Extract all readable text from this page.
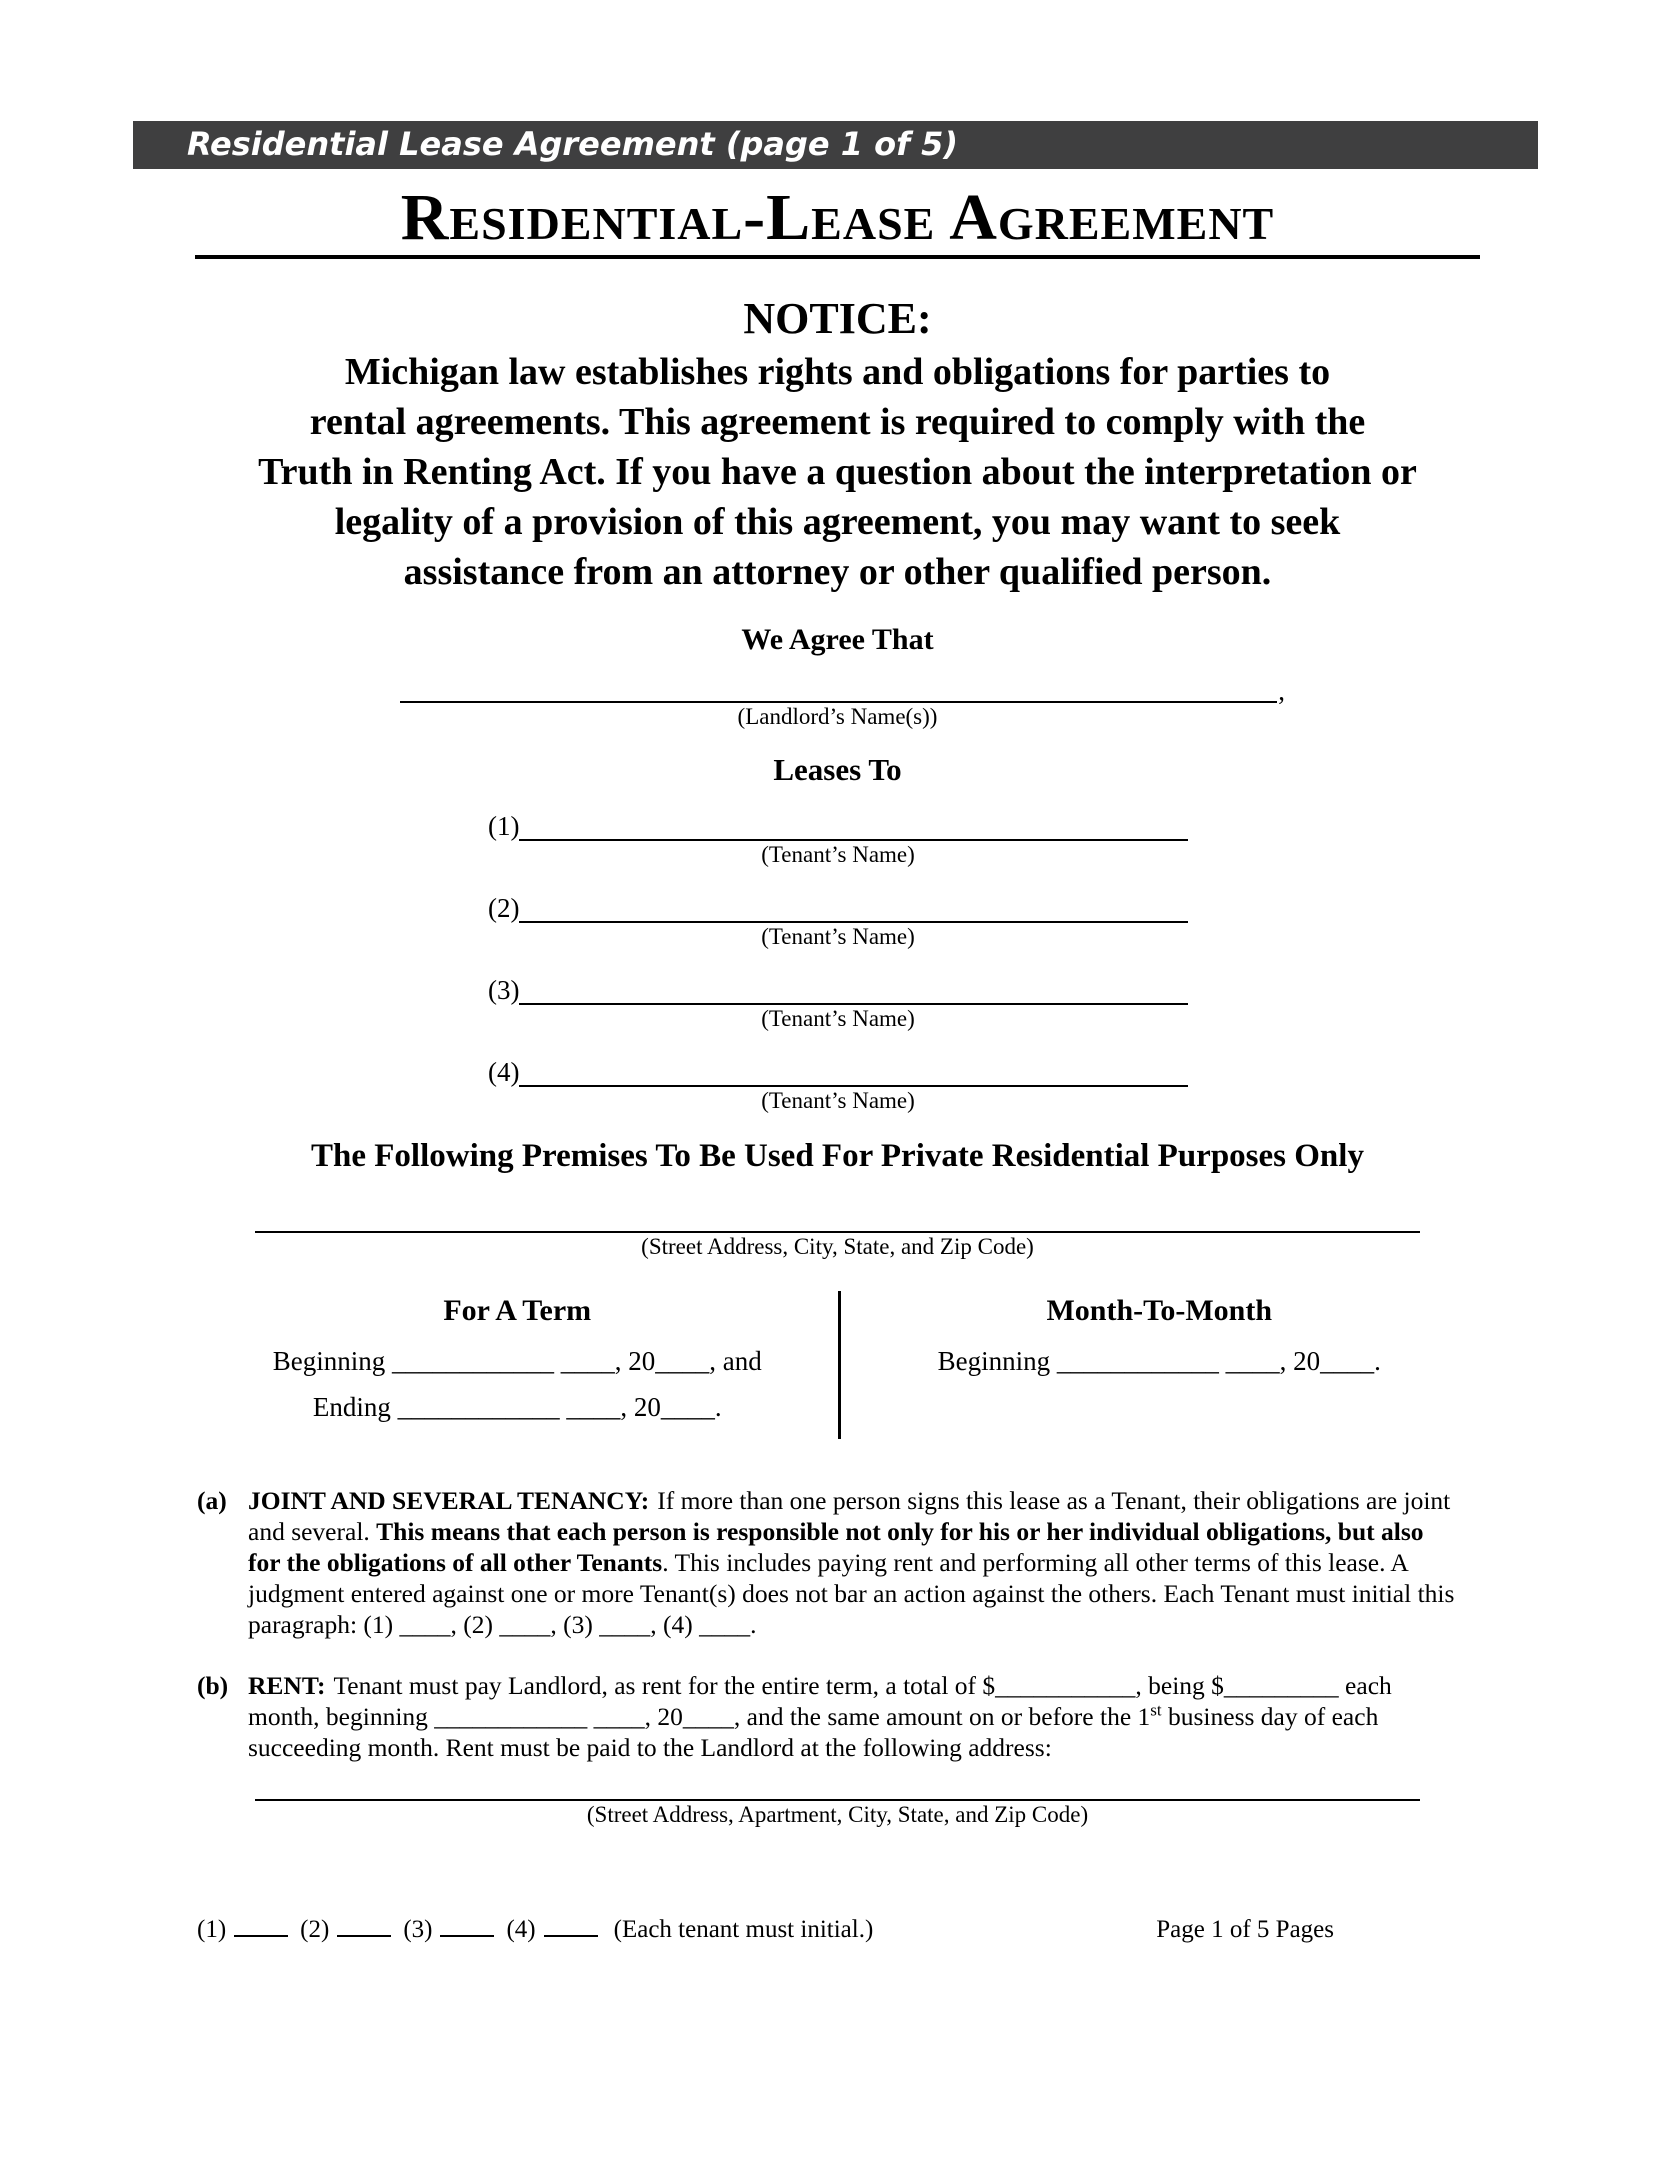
Residential Lease Agreement (page 1 of 5)
Residential-Lease Agreement
NOTICE:
Michigan law establishes rights and obligations for parties to
rental agreements. This agreement is required to comply with the
Truth in Renting Act. If you have a question about the interpretation or
legality of a provision of this agreement, you may want to seek
assistance from an attorney or other qualified person.
We Agree That
,
(Landlord’s Name(s))
Leases To
(1)
(Tenant’s Name)
(2)
(Tenant’s Name)
(3)
(Tenant’s Name)
(4)
(Tenant’s Name)
The Following Premises To Be Used For Private Residential Purposes Only
(Street Address, City, State, and Zip Code)
For A Term
Beginning ____________ ____, 20____, and
Ending ____________ ____, 20____.
Month-To-Month
Beginning ____________ ____, 20____.
(a) JOINT AND SEVERAL TENANCY: If more than one person signs this lease as a Tenant, their obligations are joint and several. This means that each person is responsible not only for his or her individual obligations, but also for the obligations of all other Tenants. This includes paying rent and performing all other terms of this lease. A judgment entered against one or more Tenant(s) does not bar an action against the others. Each Tenant must initial this paragraph: (1) ____, (2) ____, (3) ____, (4) ____.
(b) RENT: Tenant must pay Landlord, as rent for the entire term, a total of $___________, being $_________ each month, beginning ____________ ____, 20____, and the same amount on or before the 1st business day of each succeeding month. Rent must be paid to the Landlord at the following address:
(Street Address, Apartment, City, State, and Zip Code)
(1)	(2)	(3)	(4)	(Each tenant must initial.)	Page 1 of 5 Pages
